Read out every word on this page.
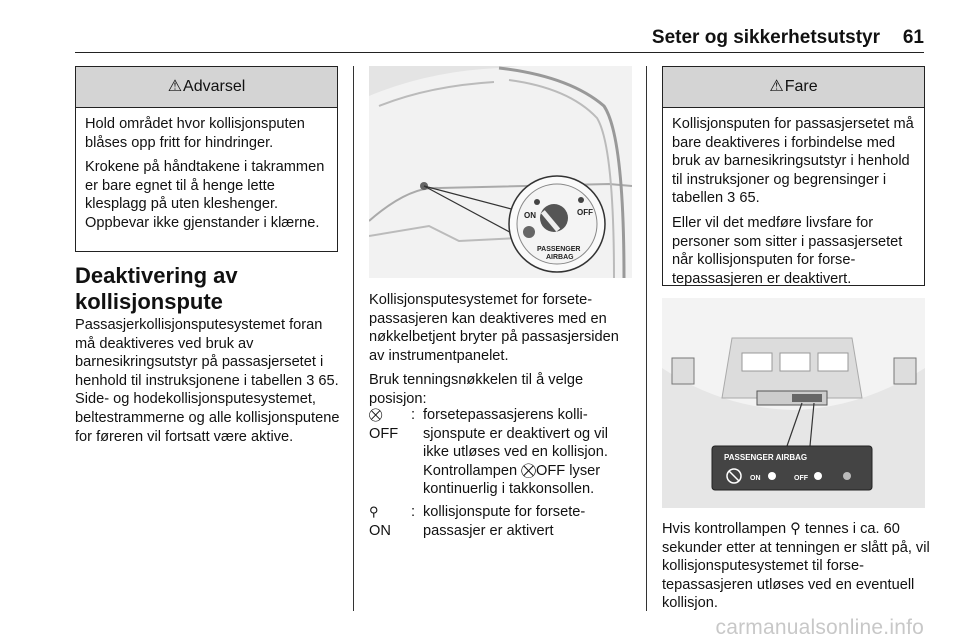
Seter og sikkerhetsutstyr 61
⚠Advarsel

Hold området hvor kollisjonsputen blåses opp fritt for hindringer.

Krokene på håndtakene i takrammen er bare egnet til å henge lette klesplagg på uten kleshenger. Oppbevar ikke gjenstander i klærne.

Deaktivering av kollisjonspute

Passasjerkollisjonsputesystemet foran må deaktiveres ved bruk av barnesikringsutstyr på passasjersetet i henhold til instruksjonene i tabellen 3 65. Side- og hodekollisjonsputesystemet, beltestrammerne og alle kollisjonsputene for føreren vil fortsatt være aktive.

ON	OFF
PASSENGER
AIRBAG

Kollisjonsputesystemet for forsetepassasjeren kan deaktiveres med en nøkkelbetjent bryter på passasjersiden av instrumentpanelet.

Bruk tenningsnøkkelen til å velge posisjon:

⛒
OFF
: forsetepassasjerens kollisjonspute er deaktivert og vil ikke utløses ved en kollisjon. Kontrollampen ⛒OFF lyser kontinuerlig i takkonsollen.
⚲
ON
: kollisjonspute for forsetepassasjer er aktivert
⚠Fare

Kollisjonsputen for passasjersetet må bare deaktiveres i forbindelse med bruk av barnesikringsutstyr i henhold til instruksjoner og begrensinger i tabellen 3 65.

Eller vil det medføre livsfare for personer som sitter i passasjersetet når kollisjonsputen for forsetepassasjeren er deaktivert.

PASSENGER AIRBAG
ON	OFF

Hvis kontrollampen ⚲ tennes i ca. 60 sekunder etter at tenningen er slått på, vil kollisjonsputesystemet til forsetepassasjeren utløses ved en eventuell kollisjon.

carmanualsonline.info
